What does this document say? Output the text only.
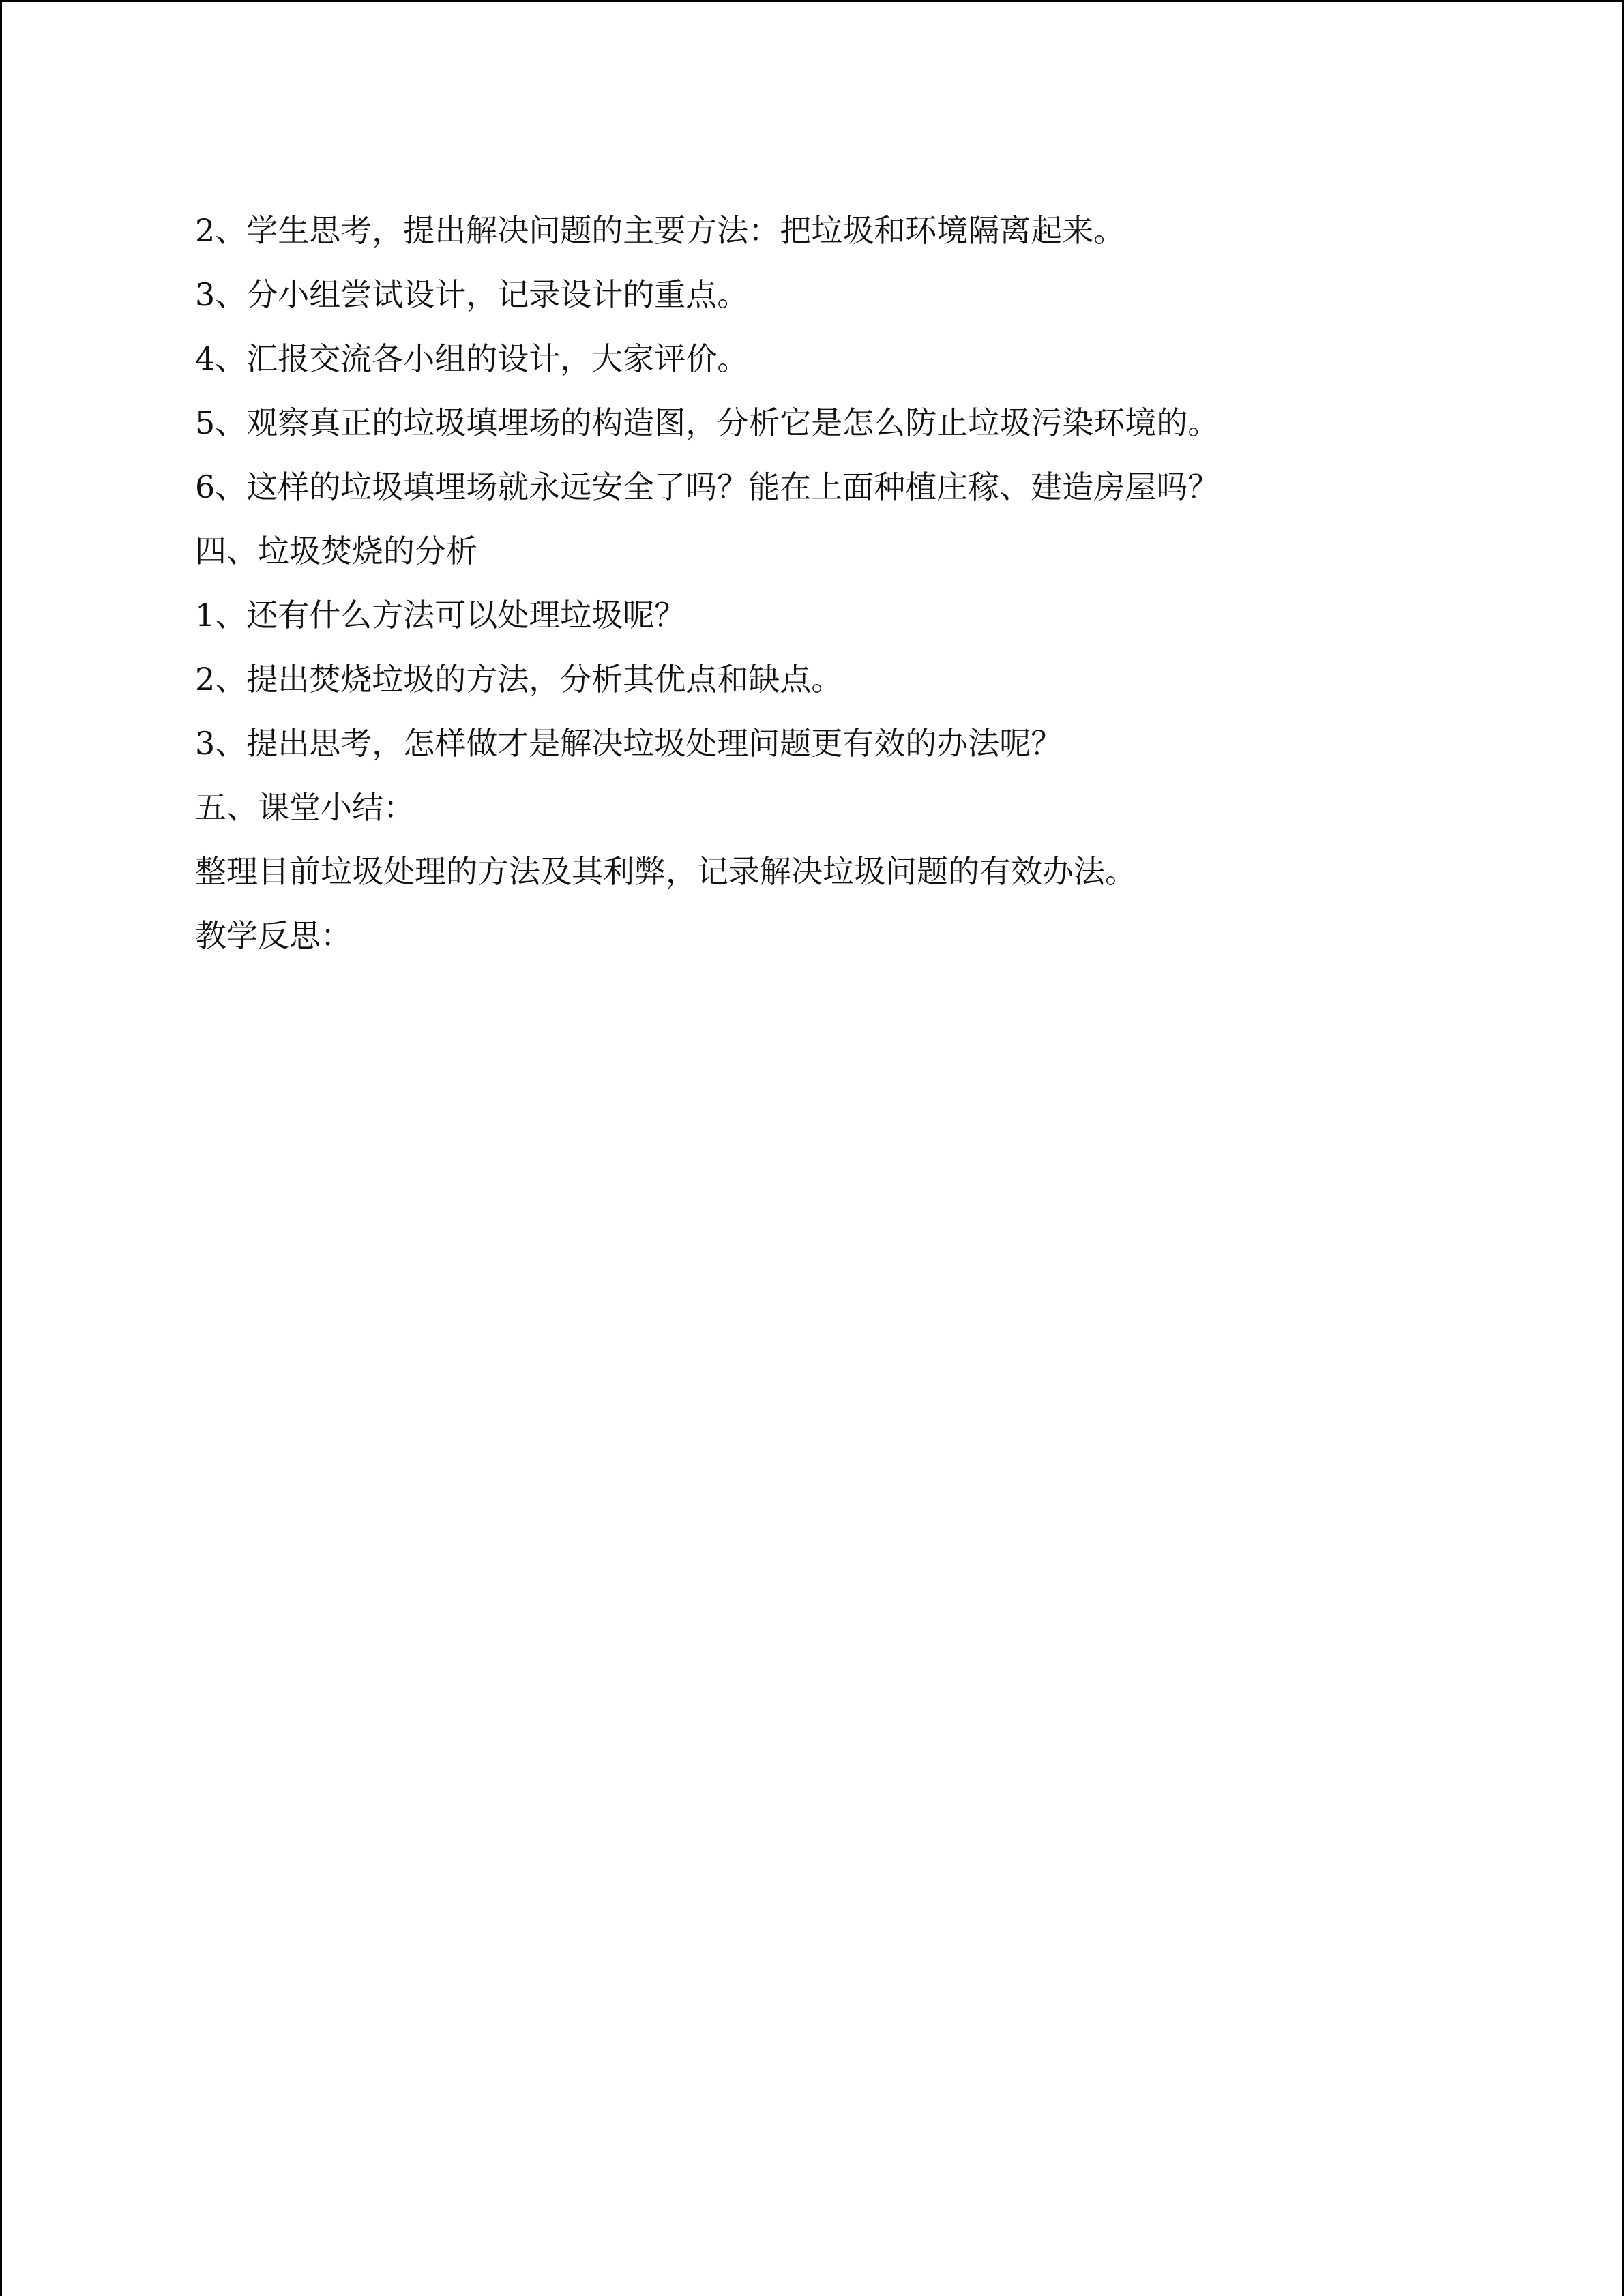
2、学生思考，提出解决问题的主要方法：把垃圾和环境隔离起来。

3、分小组尝试设计，记录设计的重点。

4、汇报交流各小组的设计，大家评价。

5、观察真正的垃圾填埋场的构造图，分析它是怎么防止垃圾污染环境的。

6、这样的垃圾填埋场就永远安全了吗？能在上面种植庄稼、建造房屋吗？

四、垃圾焚烧的分析

1、还有什么方法可以处理垃圾呢？

2、提出焚烧垃圾的方法，分析其优点和缺点。

3、提出思考，怎样做才是解决垃圾处理问题更有效的办法呢？

五、课堂小结：

整理目前垃圾处理的方法及其利弊，记录解决垃圾问题的有效办法。

教学反思：
